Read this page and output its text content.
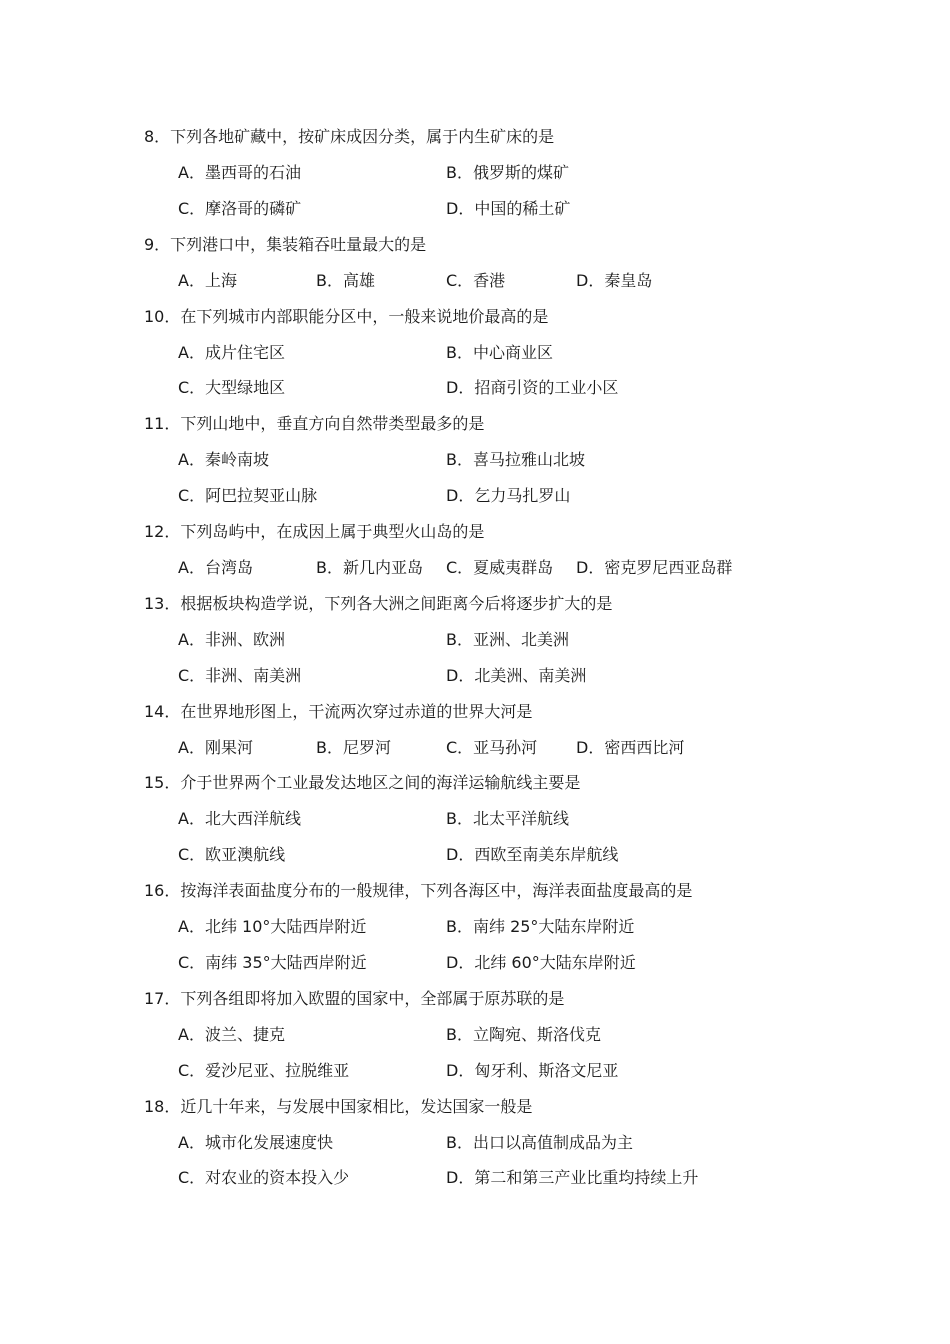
8．下列各地矿藏中，按矿床成因分类，属于内生矿床的是
A．墨西哥的石油	B．俄罗斯的煤矿
C．摩洛哥的磷矿	D．中国的稀土矿
9．下列港口中，集装箱吞吐量最大的是
A．上海	B．高雄	C．香港	D．秦皇岛
10．在下列城市内部职能分区中，一般来说地价最高的是
A．成片住宅区	B．中心商业区
C．大型绿地区	D．招商引资的工业小区
11．下列山地中，垂直方向自然带类型最多的是
A．秦岭南坡	B．喜马拉雅山北坡
C．阿巴拉契亚山脉	D．乞力马扎罗山
12．下列岛屿中，在成因上属于典型火山岛的是
A．台湾岛	B．新几内亚岛 C．夏威夷群岛 D．密克罗尼西亚岛群
13．根据板块构造学说，下列各大洲之间距离今后将逐步扩大的是
A．非洲、欧洲	B．亚洲、北美洲
C．非洲、南美洲	D．北美洲、南美洲
14．在世界地形图上，干流两次穿过赤道的世界大河是
A．刚果河	B．尼罗河	C．亚马孙河 D．密西西比河
15．介于世界两个工业最发达地区之间的海洋运输航线主要是
A．北大西洋航线	B．北太平洋航线
C．欧亚澳航线	D．西欧至南美东岸航线
16．按海洋表面盐度分布的一般规律，下列各海区中，海洋表面盐度最高的是
A．北纬 10°大陆西岸附近	B．南纬 25°大陆东岸附近
C．南纬 35°大陆西岸附近	D．北纬 60°大陆东岸附近
17．下列各组即将加入欧盟的国家中，全部属于原苏联的是
A．波兰、捷克	B．立陶宛、斯洛伐克
C．爱沙尼亚、拉脱维亚	D．匈牙利、斯洛文尼亚
18．近几十年来，与发展中国家相比，发达国家一般是
A．城市化发展速度快	B．出口以高值制成品为主
C．对农业的资本投入少	D．第二和第三产业比重均持续上升
